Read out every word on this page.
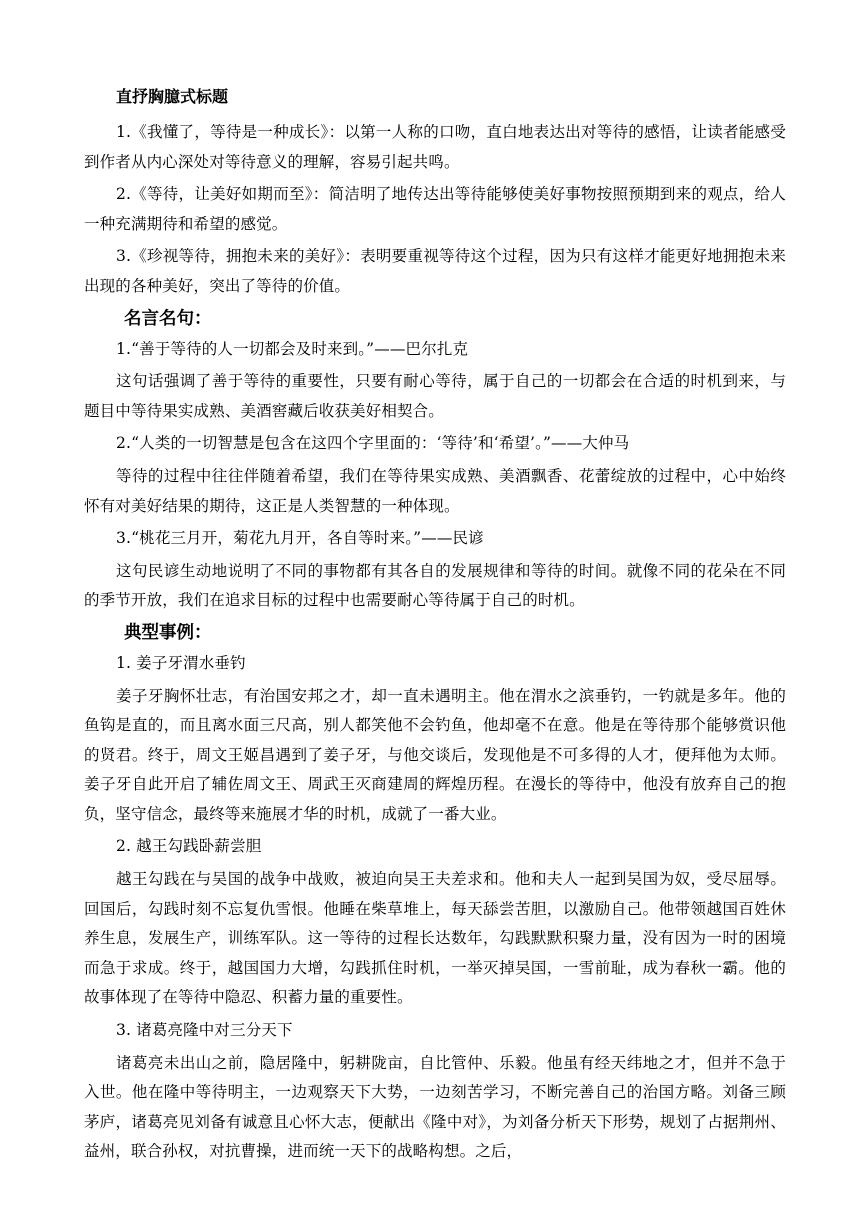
直抒胸臆式标题

1.《我懂了，等待是一种成长》：以第一人称的口吻，直白地表达出对等待的感悟，让读者能感受到作者从内心深处对等待意义的理解，容易引起共鸣。

2.《等待，让美好如期而至》：简洁明了地传达出等待能够使美好事物按照预期到来的观点，给人一种充满期待和希望的感觉。

3.《珍视等待，拥抱未来的美好》：表明要重视等待这个过程，因为只有这样才能更好地拥抱未来出现的各种美好，突出了等待的价值。

名言名句：

1.“善于等待的人一切都会及时来到。”——巴尔扎克

这句话强调了善于等待的重要性，只要有耐心等待，属于自己的一切都会在合适的时机到来，与题目中等待果实成熟、美酒窖藏后收获美好相契合。

2.“人类的一切智慧是包含在这四个字里面的：‘等待’和‘希望’。”——大仲马

等待的过程中往往伴随着希望，我们在等待果实成熟、美酒飘香、花蕾绽放的过程中，心中始终怀有对美好结果的期待，这正是人类智慧的一种体现。

3.“桃花三月开，菊花九月开，各自等时来。”——民谚

这句民谚生动地说明了不同的事物都有其各自的发展规律和等待的时间。就像不同的花朵在不同的季节开放，我们在追求目标的过程中也需要耐心等待属于自己的时机。

典型事例：

1. 姜子牙渭水垂钓

姜子牙胸怀壮志，有治国安邦之才，却一直未遇明主。他在渭水之滨垂钓，一钓就是多年。他的鱼钩是直的，而且离水面三尺高，别人都笑他不会钓鱼，他却毫不在意。他是在等待那个能够赏识他的贤君。终于，周文王姬昌遇到了姜子牙，与他交谈后，发现他是不可多得的人才，便拜他为太师。姜子牙自此开启了辅佐周文王、周武王灭商建周的辉煌历程。在漫长的等待中，他没有放弃自己的抱负，坚守信念，最终等来施展才华的时机，成就了一番大业。

2. 越王勾践卧薪尝胆

越王勾践在与吴国的战争中战败，被迫向吴王夫差求和。他和夫人一起到吴国为奴，受尽屈辱。回国后，勾践时刻不忘复仇雪恨。他睡在柴草堆上，每天舔尝苦胆，以激励自己。他带领越国百姓休养生息，发展生产，训练军队。这一等待的过程长达数年，勾践默默积聚力量，没有因为一时的困境而急于求成。终于，越国国力大增，勾践抓住时机，一举灭掉吴国，一雪前耻，成为春秋一霸。他的故事体现了在等待中隐忍、积蓄力量的重要性。

3. 诸葛亮隆中对三分天下

诸葛亮未出山之前，隐居隆中，躬耕陇亩，自比管仲、乐毅。他虽有经天纬地之才，但并不急于入世。他在隆中等待明主，一边观察天下大势，一边刻苦学习，不断完善自己的治国方略。刘备三顾茅庐，诸葛亮见刘备有诚意且心怀大志，便献出《隆中对》，为刘备分析天下形势，规划了占据荆州、益州，联合孙权，对抗曹操，进而统一天下的战略构想。之后，
